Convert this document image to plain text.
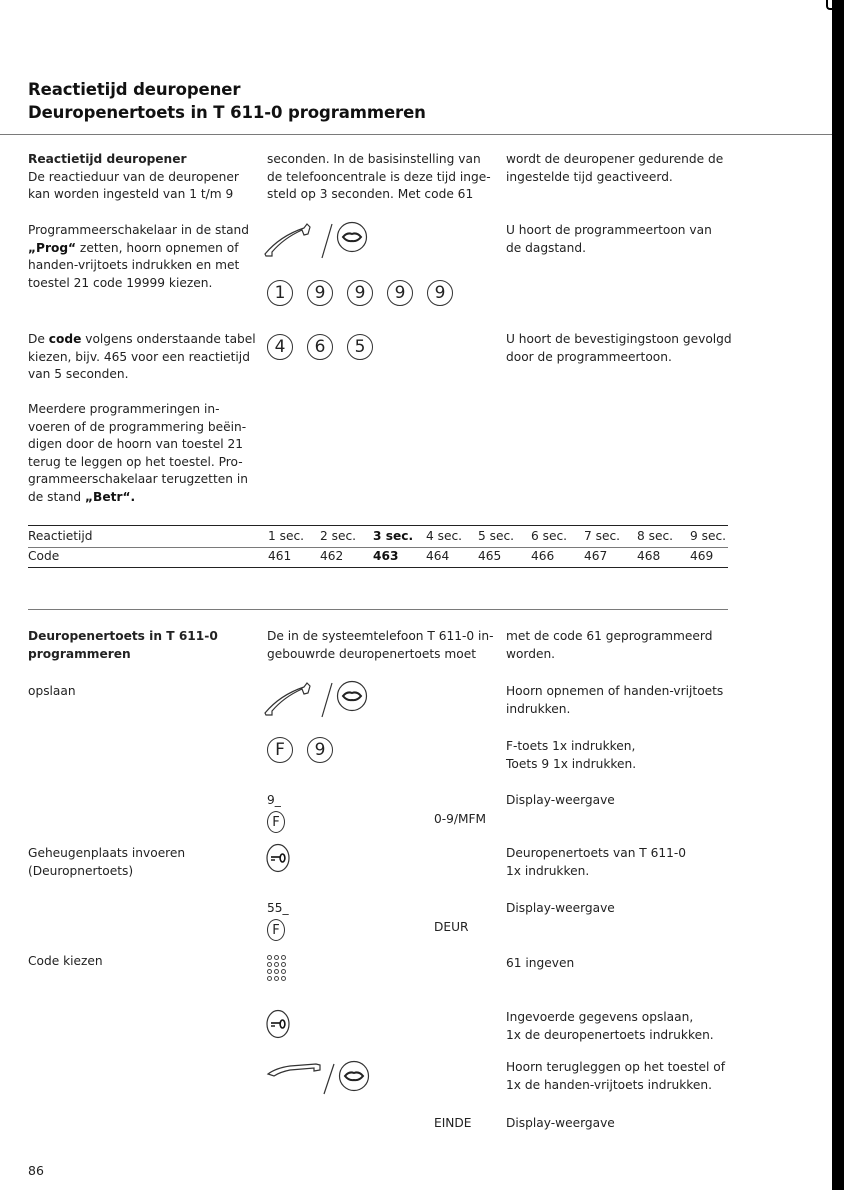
Reactietijd deuropener
Deuropenertoets in T 611-0 programmeren
Reactietijd deuropener
De reactieduur van de deuropener
kan worden ingesteld van 1 t/m 9
seconden. In de basisinstelling van
de telefooncentrale is deze tijd inge-
steld op 3 seconden. Met code 61
wordt de deuropener gedurende de
ingestelde tijd geactiveerd.
Programmeerschakelaar in de stand
„Prog“ zetten, hoorn opnemen of
handen-vrijtoets indrukken en met
toestel 21 code 19999 kiezen.
1	9	9	9	9
U hoort de programmeertoon van
de dagstand.
De code volgens onderstaande tabel
kiezen, bijv. 465 voor een reactietijd
van 5 seconden.
4	6	5	U hoort de bevestigingstoon gevolgd
door de programmeertoon.
Meerdere programmeringen in-
voeren of de programmering beëin-
digen door de hoorn van toestel 21
terug te leggen op het toestel. Pro-
grammeerschakelaar terugzetten in
de stand „Betr“.
Reactietijd	1 sec. 2 sec. 3 sec. 4 sec. 5 sec. 6 sec. 7 sec. 8 sec. 9 sec.
Code	461 462 463 464 465 466 467 468 469
Deuropenertoets in T 611-0
programmeren
De in de systeemtelefoon T 611-0 in-
gebouwrde deuropenertoets moet
met de code 61 geprogrammeerd
worden.
opslaan	Hoorn opnemen of handen-vrijtoets
indrukken.
F	9	F-toets 1x indrukken,
Toets 9 1x indrukken.
9_
F	0-9/MFM
Display-weergave
Geheugenplaats invoeren
(Deuropnertoets)
Deuropenertoets van T 611-0
1x indrukken.
55_
F	DEUR
Display-weergave
Code kiezen	61 ingeven
Ingevoerde gegevens opslaan,
1x de deuropenertoets indrukken.
Hoorn terugleggen op het toestel of
1x de handen-vrijtoets indrukken.
EINDE	Display-weergave
86
